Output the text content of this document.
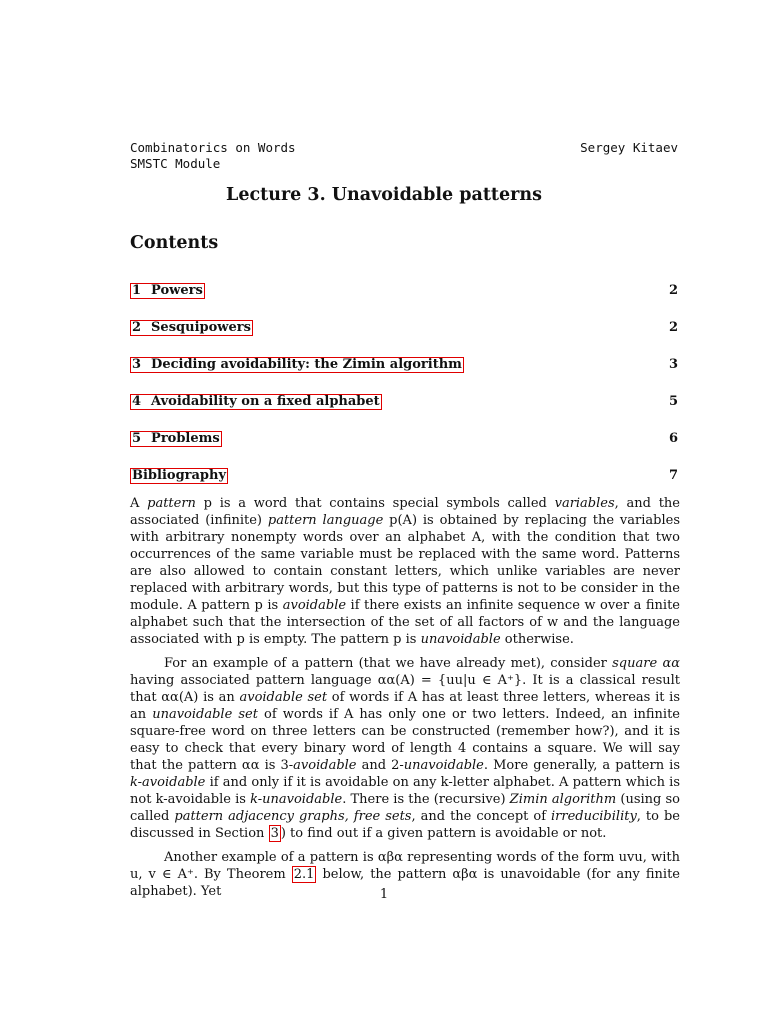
Combinatorics on Words	Sergey Kitaev
SMSTC Module
Lecture 3. Unavoidable patterns
Contents
1 Powers	2
2 Sesquipowers	2
3 Deciding avoidability: the Zimin algorithm	3
4 Avoidability on a fixed alphabet	5
5 Problems	6
Bibliography	7

A pattern p is a word that contains special symbols called variables, and the associated (infinite) pattern language p(A) is obtained by replacing the variables with arbitrary nonempty words over an alphabet A, with the condition that two occurrences of the same variable must be replaced with the same word. Patterns are also allowed to contain constant letters, which unlike variables are never replaced with arbitrary words, but this type of patterns is not to be consider in the module. A pattern p is avoidable if there exists an infinite sequence w over a finite alphabet such that the intersection of the set of all factors of w and the language associated with p is empty. The pattern p is unavoidable otherwise.

For an example of a pattern (that we have already met), consider square αα having associated pattern language αα(A) = {uu|u ∈ A⁺}. It is a classical result that αα(A) is an avoidable set of words if A has at least three letters, whereas it is an unavoidable set of words if A has only one or two letters. Indeed, an infinite square-free word on three letters can be constructed (remember how?), and it is easy to check that every binary word of length 4 contains a square. We will say that the pattern αα is 3-avoidable and 2-unavoidable. More generally, a pattern is k-avoidable if and only if it is avoidable on any k-letter alphabet. A pattern which is not k-avoidable is k-unavoidable. There is the (recursive) Zimin algorithm (using so called pattern adjacency graphs, free sets, and the concept of irreducibility, to be discussed in Section 3 ) to find out if a given pattern is avoidable or not.

Another example of a pattern is αβα representing words of the form uvu, with u, v ∈ A⁺. By Theorem 2.1 below, the pattern αβα is unavoidable (for any finite alphabet). Yet	1
